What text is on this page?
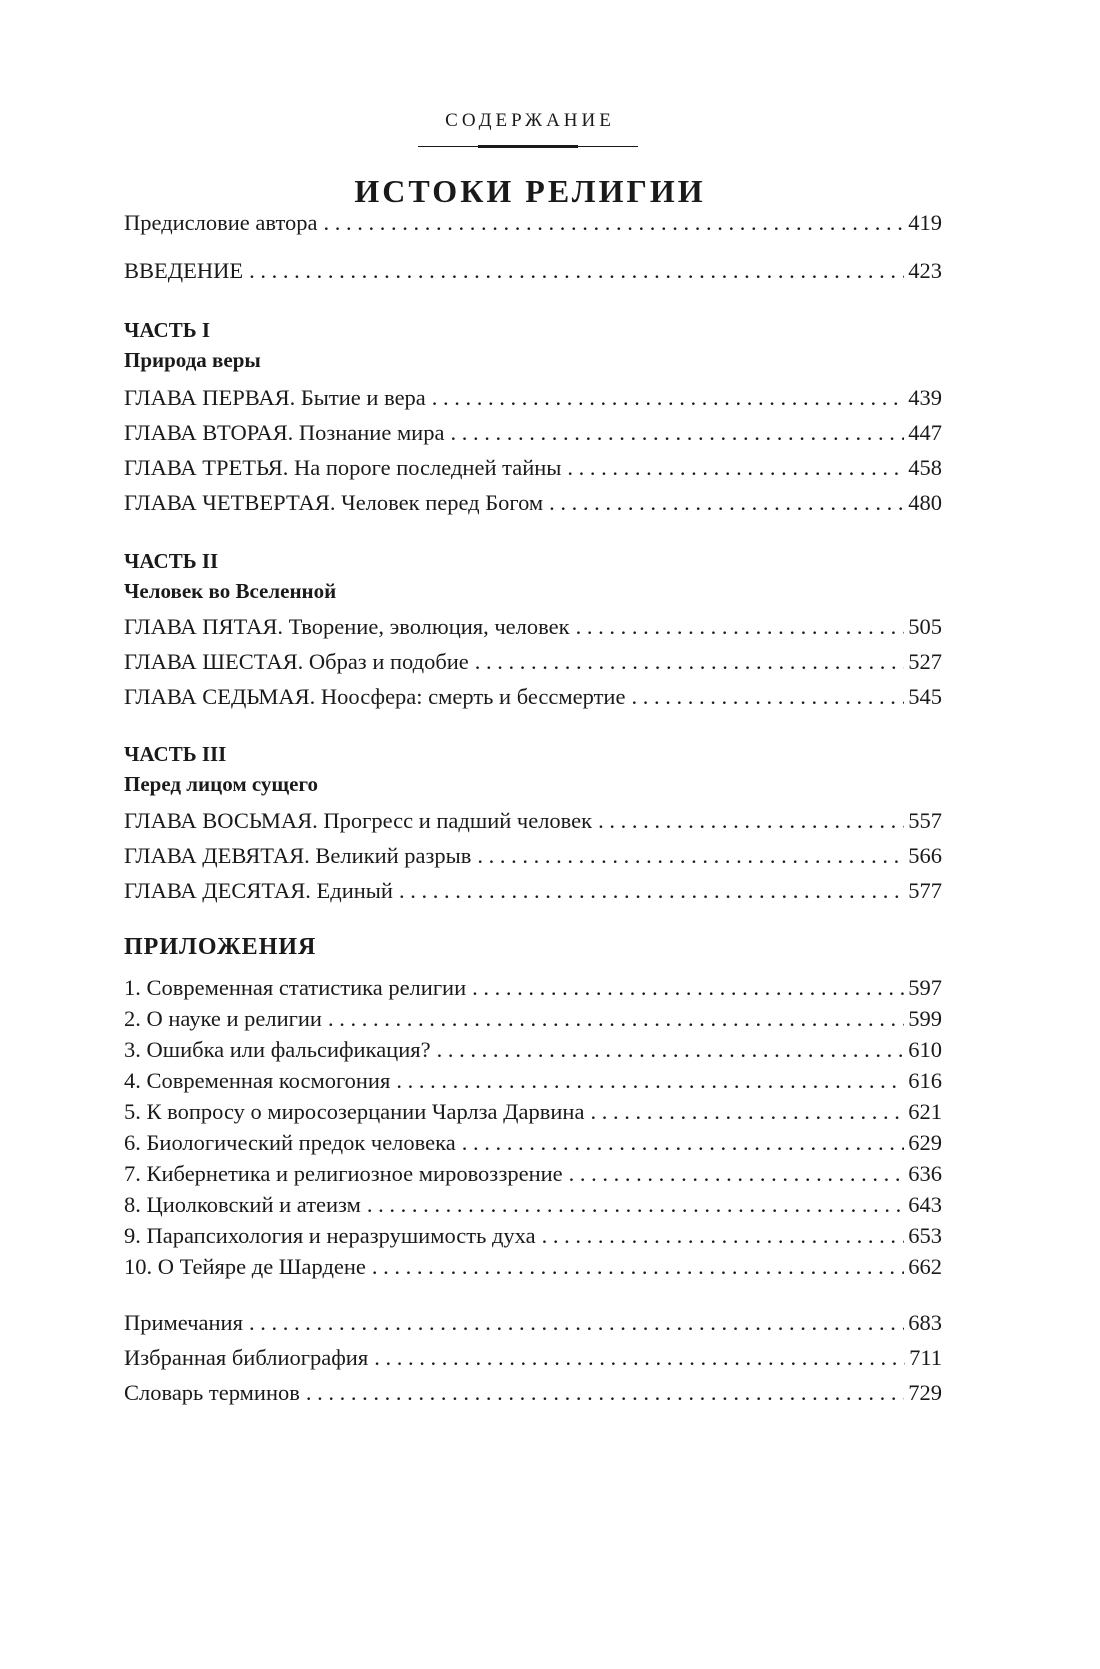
СОДЕРЖАНИЕ
ИСТОКИ РЕЛИГИИ
Предисловие автора . . .	419
ВВЕДЕНИЕ . . .	423
ЧАСТЬ I
Природа веры
ГЛАВА ПЕРВАЯ. Бытие и вера . . .	439
ГЛАВА ВТОРАЯ. Познание мира . . .	447
ГЛАВА ТРЕТЬЯ. На пороге последней тайны . . .	458
ГЛАВА ЧЕТВЕРТАЯ. Человек перед Богом . . .	480
ЧАСТЬ II
Человек во Вселенной
ГЛАВА ПЯТАЯ. Творение, эволюция, человек . . .	505
ГЛАВА ШЕСТАЯ. Образ и подобие . . .	527
ГЛАВА СЕДЬМАЯ. Ноосфера: смерть и бессмертие . . .	545
ЧАСТЬ III
Перед лицом сущего
ГЛАВА ВОСЬМАЯ. Прогресс и падший человек . . .	557
ГЛАВА ДЕВЯТАЯ. Великий разрыв . . .	566
ГЛАВА ДЕСЯТАЯ. Единый . . .	577
ПРИЛОЖЕНИЯ
1. Современная статистика религии . . .	597
2. О науке и религии . . .	599
3. Ошибка или фальсификация? . . .	610
4. Современная космогония . . .	616
5. К вопросу о миросозерцании Чарлза Дарвина . . .	621
6. Биологический предок человека . . .	629
7. Кибернетика и религиозное мировоззрение . . .	636
8. Циолковский и атеизм . . .	643
9. Парапсихология и неразрушимость духа . . .	653
10. О Тейяре де Шардене . . .	662
Примечания . . .	683
Избранная библиография . . .	711
Словарь терминов . . .	729
